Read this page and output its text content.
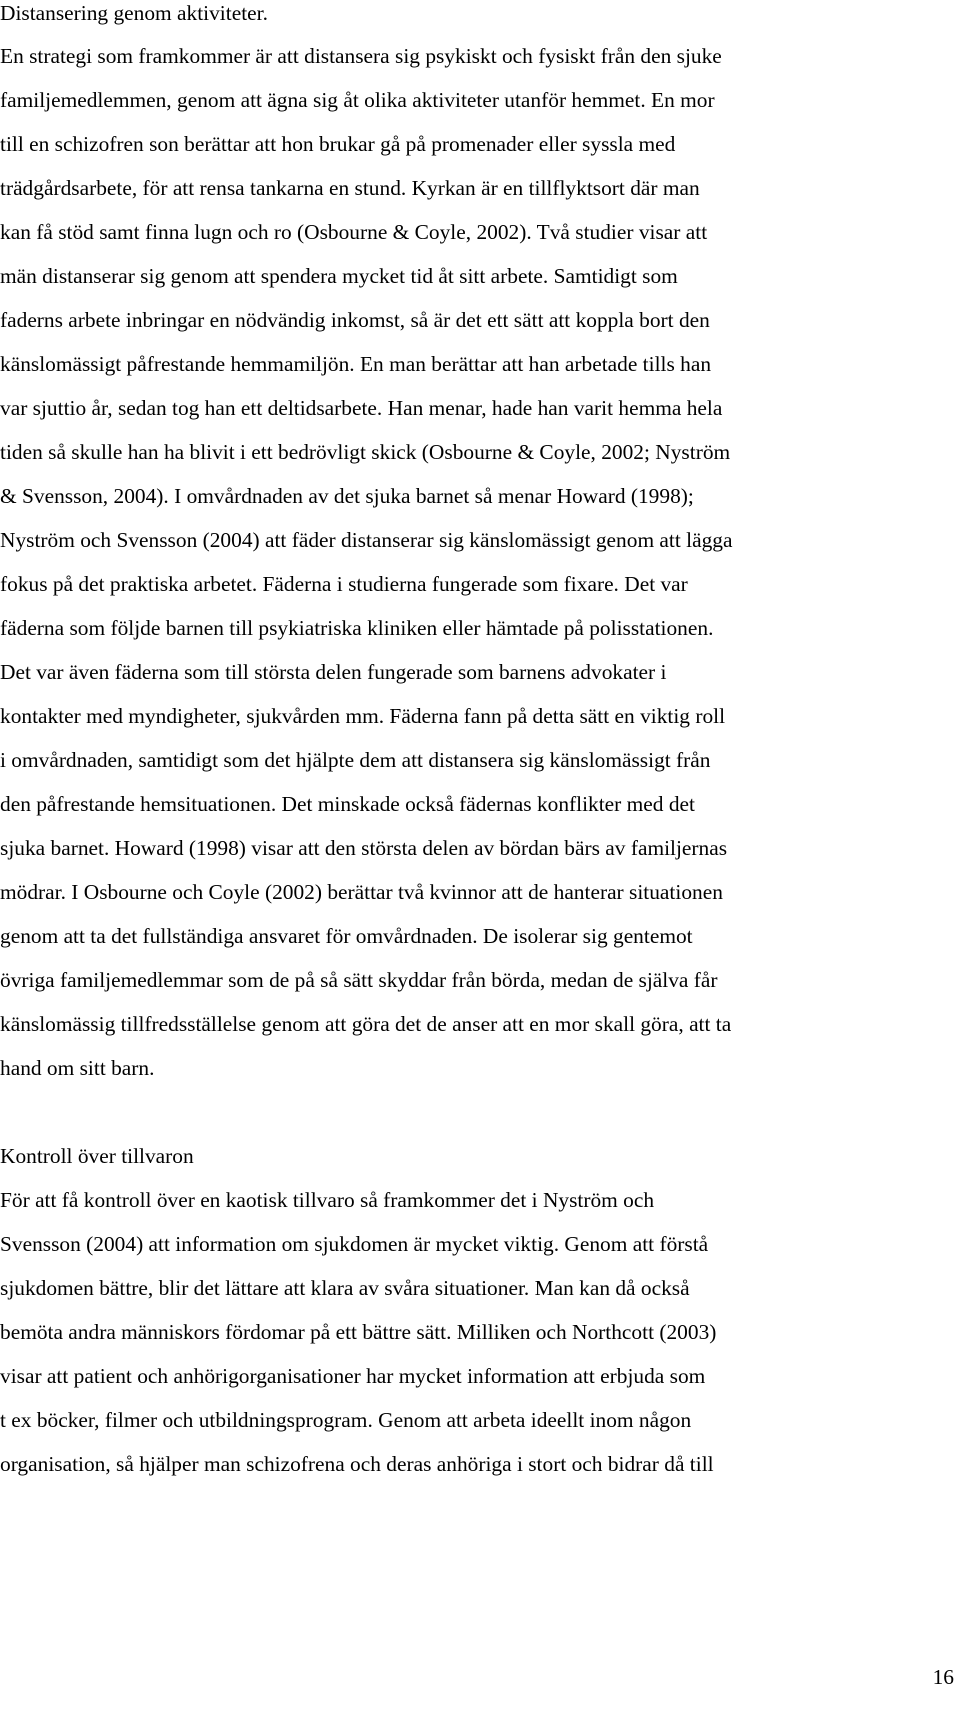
Distansering genom aktiviteter.
En strategi som framkommer är att distansera sig psykiskt och fysiskt från den sjuke
familjemedlemmen, genom att ägna sig åt olika aktiviteter utanför hemmet. En mor
till en schizofren son berättar att hon brukar gå på promenader eller syssla med
trädgårdsarbete, för att rensa tankarna en stund. Kyrkan är en tillflyktsort där man
kan få stöd samt finna lugn och ro (Osbourne & Coyle, 2002). Två studier visar att
män distanserar sig genom att spendera mycket tid åt sitt arbete. Samtidigt som
faderns arbete inbringar en nödvändig inkomst, så är det ett sätt att koppla bort den
känslomässigt påfrestande hemmamiljön. En man berättar att han arbetade tills han
var sjuttio år, sedan tog han ett deltidsarbete. Han menar, hade han varit hemma hela
tiden så skulle han ha blivit i ett bedrövligt skick (Osbourne & Coyle, 2002; Nyström
& Svensson, 2004). I omvårdnaden av det sjuka barnet så menar Howard (1998);
Nyström och Svensson (2004) att fäder distanserar sig känslomässigt genom att lägga
fokus på det praktiska arbetet. Fäderna i studierna fungerade som fixare. Det var
fäderna som följde barnen till psykiatriska kliniken eller hämtade på polisstationen.
Det var även fäderna som till största delen fungerade som barnens advokater i
kontakter med myndigheter, sjukvården mm. Fäderna fann på detta sätt en viktig roll
i omvårdnaden, samtidigt som det hjälpte dem att distansera sig känslomässigt från
den påfrestande hemsituationen. Det minskade också fädernas konflikter med det
sjuka barnet. Howard (1998) visar att den största delen av bördan bärs av familjernas
mödrar. I Osbourne och Coyle (2002) berättar två kvinnor att de hanterar situationen
genom att ta det fullständiga ansvaret för omvårdnaden. De isolerar sig gentemot
övriga familjemedlemmar som de på så sätt skyddar från börda, medan de själva får
känslomässig tillfredsställelse genom att göra det de anser att en mor skall göra, att ta
hand om sitt barn.
Kontroll över tillvaron
För att få kontroll över en kaotisk tillvaro så framkommer det i Nyström och
Svensson (2004) att information om sjukdomen är mycket viktig. Genom att förstå
sjukdomen bättre, blir det lättare att klara av svåra situationer. Man kan då också
bemöta andra människors fördomar på ett bättre sätt. Milliken och Northcott (2003)
visar att patient och anhörigorganisationer har mycket information att erbjuda som
t ex böcker, filmer och utbildningsprogram. Genom att arbeta ideellt inom någon
organisation, så hjälper man schizofrena och deras anhöriga i stort och bidrar då till
16
